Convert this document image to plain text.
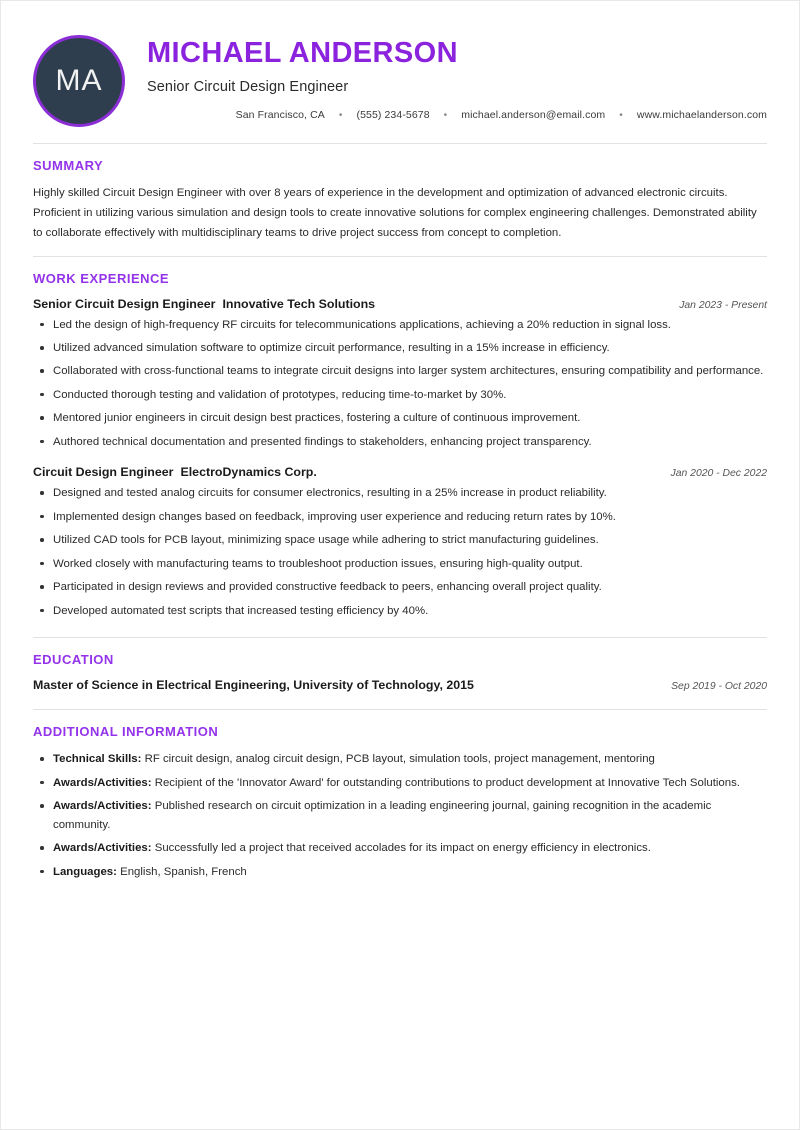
MA
MICHAEL ANDERSON
Senior Circuit Design Engineer
San Francisco, CA • (555) 234-5678 • michael.anderson@email.com • www.michaelanderson.com
SUMMARY
Highly skilled Circuit Design Engineer with over 8 years of experience in the development and optimization of advanced electronic circuits. Proficient in utilizing various simulation and design tools to create innovative solutions for complex engineering challenges. Demonstrated ability to collaborate effectively with multidisciplinary teams to drive project success from concept to completion.
WORK EXPERIENCE
Senior Circuit Design Engineer Innovative Tech Solutions	Jan 2023 - Present
Led the design of high-frequency RF circuits for telecommunications applications, achieving a 20% reduction in signal loss.
Utilized advanced simulation software to optimize circuit performance, resulting in a 15% increase in efficiency.
Collaborated with cross-functional teams to integrate circuit designs into larger system architectures, ensuring compatibility and performance.
Conducted thorough testing and validation of prototypes, reducing time-to-market by 30%.
Mentored junior engineers in circuit design best practices, fostering a culture of continuous improvement.
Authored technical documentation and presented findings to stakeholders, enhancing project transparency.
Circuit Design Engineer ElectroDynamics Corp.	Jan 2020 - Dec 2022
Designed and tested analog circuits for consumer electronics, resulting in a 25% increase in product reliability.
Implemented design changes based on feedback, improving user experience and reducing return rates by 10%.
Utilized CAD tools for PCB layout, minimizing space usage while adhering to strict manufacturing guidelines.
Worked closely with manufacturing teams to troubleshoot production issues, ensuring high-quality output.
Participated in design reviews and provided constructive feedback to peers, enhancing overall project quality.
Developed automated test scripts that increased testing efficiency by 40%.
EDUCATION
Master of Science in Electrical Engineering, University of Technology, 2015	Sep 2019 - Oct 2020
ADDITIONAL INFORMATION
Technical Skills: RF circuit design, analog circuit design, PCB layout, simulation tools, project management, mentoring
Awards/Activities: Recipient of the 'Innovator Award' for outstanding contributions to product development at Innovative Tech Solutions.
Awards/Activities: Published research on circuit optimization in a leading engineering journal, gaining recognition in the academic community.
Awards/Activities: Successfully led a project that received accolades for its impact on energy efficiency in electronics.
Languages: English, Spanish, French
